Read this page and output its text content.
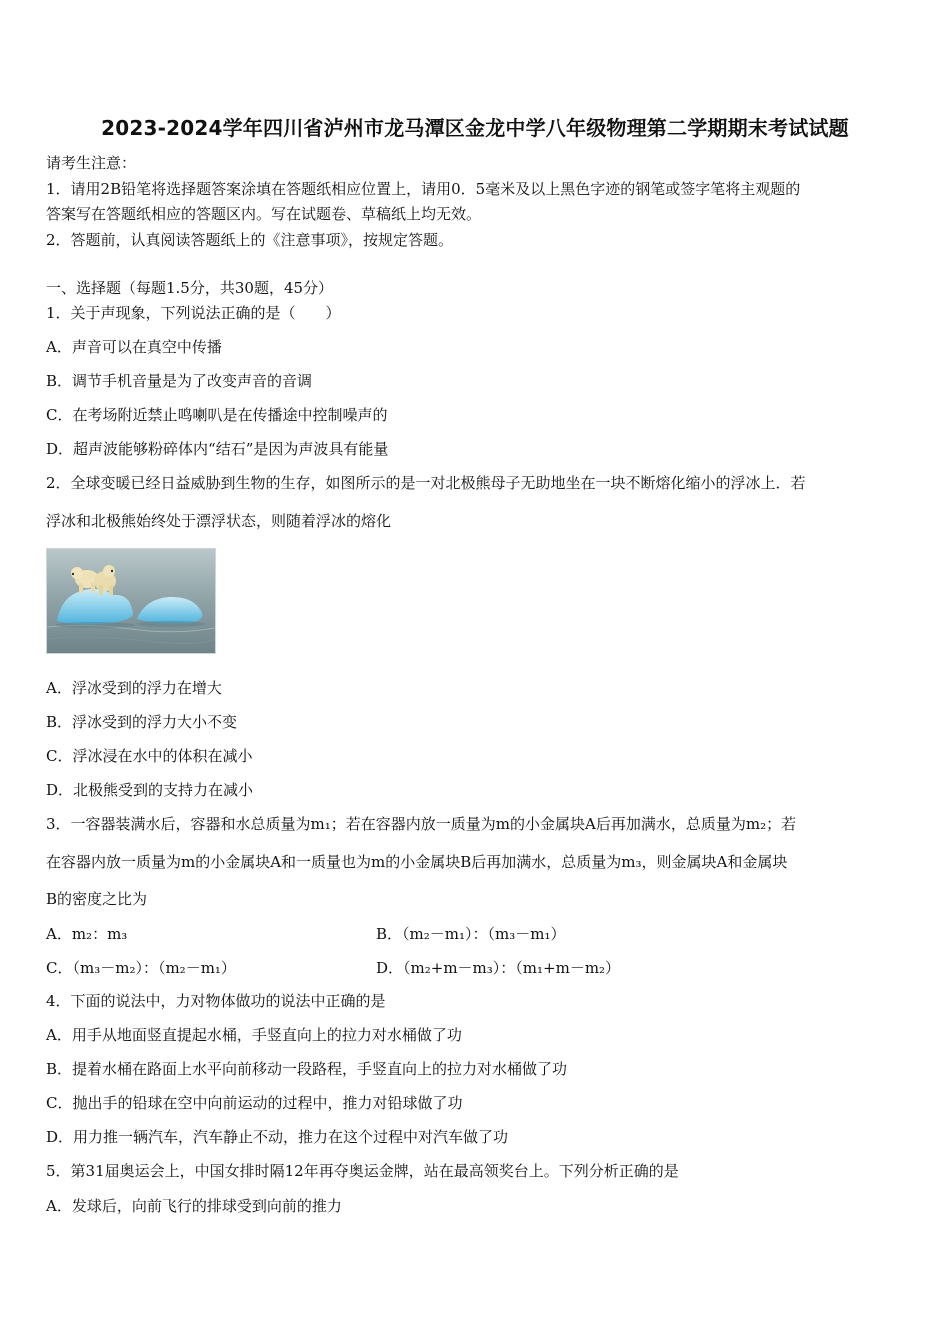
2023-2024学年四川省泸州市龙马潭区金龙中学八年级物理第二学期期末考试试题
请考生注意：
1．请用2B铅笔将选择题答案涂填在答题纸相应位置上，请用0．5毫米及以上黑色字迹的钢笔或签字笔将主观题的
答案写在答题纸相应的答题区内。写在试题卷、草稿纸上均无效。
2．答题前，认真阅读答题纸上的《注意事项》，按规定答题。
一、选择题（每题1.5分，共30题，45分）
1．关于声现象，下列说法正确的是（　　）
A．声音可以在真空中传播
B．调节手机音量是为了改变声音的音调
C．在考场附近禁止鸣喇叭是在传播途中控制噪声的
D．超声波能够粉碎体内“结石”是因为声波具有能量
2．全球变暖已经日益威胁到生物的生存，如图所示的是一对北极熊母子无助地坐在一块不断熔化缩小的浮冰上．若
浮冰和北极熊始终处于漂浮状态，则随着浮冰的熔化
A．浮冰受到的浮力在增大
B．浮冰受到的浮力大小不变
C．浮冰浸在水中的体积在减小
D．北极熊受到的支持力在减小
3．一容器装满水后，容器和水总质量为m₁；若在容器内放一质量为m的小金属块A后再加满水，总质量为m₂；若
在容器内放一质量为m的小金属块A和一质量也为m的小金属块B后再加满水，总质量为m₃，则金属块A和金属块
B的密度之比为
A．m₂：m₃	B．（m₂－m₁）：（m₃－m₁）
C．（m₃－m₂）：（m₂－m₁）	D．（m₂+m－m₃）：（m₁+m－m₂）
4．下面的说法中，力对物体做功的说法中正确的是
A．用手从地面竖直提起水桶，手竖直向上的拉力对水桶做了功
B．提着水桶在路面上水平向前移动一段路程，手竖直向上的拉力对水桶做了功
C．抛出手的铅球在空中向前运动的过程中，推力对铅球做了功
D．用力推一辆汽车，汽车静止不动，推力在这个过程中对汽车做了功
5．第31届奥运会上，中国女排时隔12年再夺奥运金牌，站在最高领奖台上。下列分析正确的是
A．发球后，向前飞行的排球受到向前的推力
